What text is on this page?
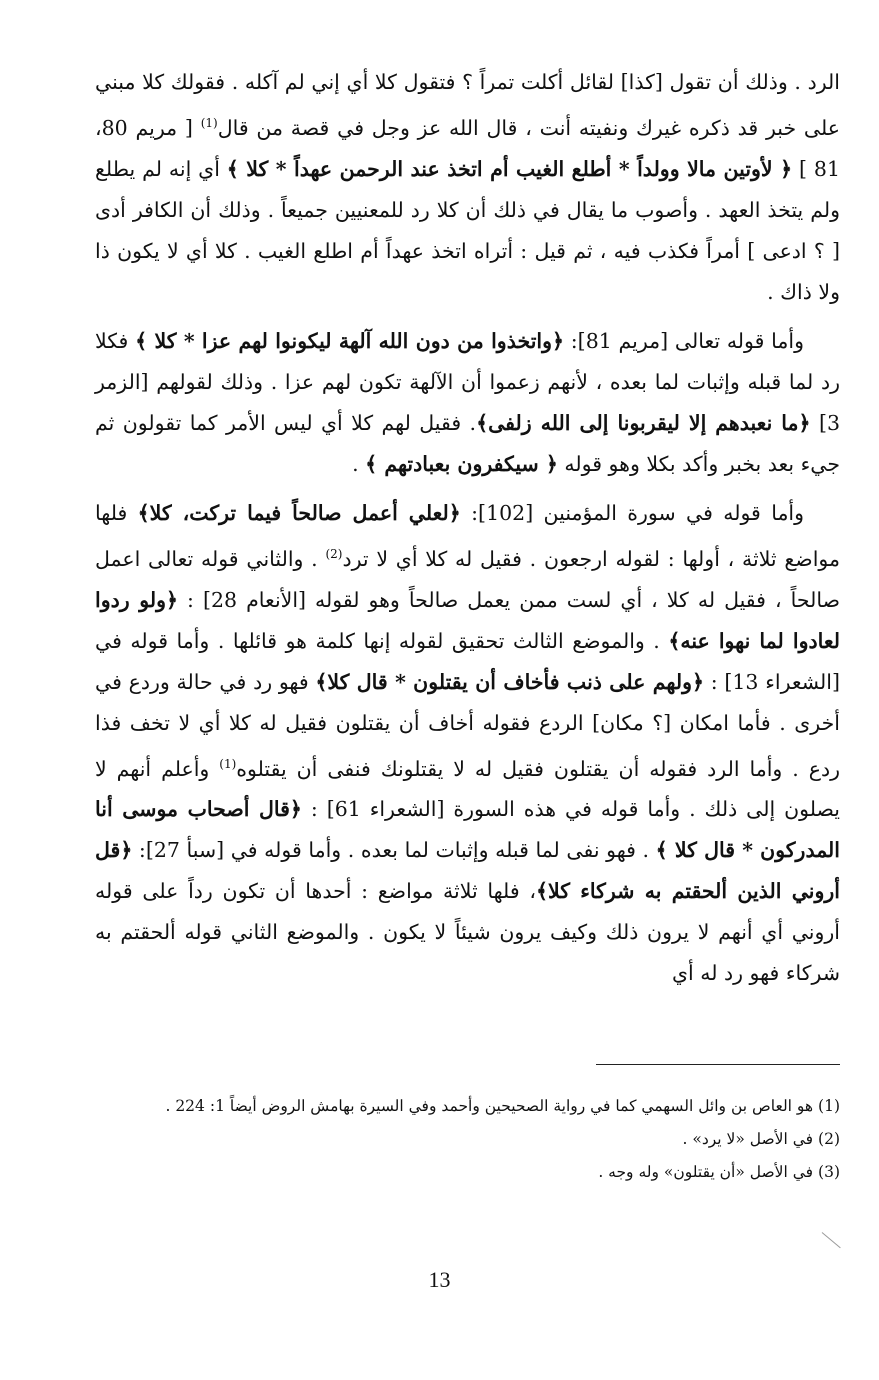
الرد . وذلك أن تقول [كذا] لقائل أكلت تمراً ؟ فتقول كلا أي إني لم آكله . فقولك كلا مبني على خبر قد ذكره غيرك ونفيته أنت ، قال الله عز وجل في قصة من قال$^{(1)}$ [ مريم 80، 81 ] ﴿ لأوتين مالا وولداً * أطلع الغيب أم اتخذ عند الرحمن عهداً * كلا ﴾ أي إنه لم يطلع ولم يتخذ العهد . وأصوب ما يقال في ذلك أن كلا رد للمعنيين جميعاً . وذلك أن الكافر أدى [ ؟ ادعى ] أمراً فكذب فيه ، ثم قيل : أتراه اتخذ عهداً أم اطلع الغيب . كلا أي لا يكون ذا ولا ذاك .

وأما قوله تعالى [مريم 81]: ﴿واتخذوا من دون الله آلهة ليكونوا لهم عزا * كلا ﴾ فكلا رد لما قبله وإثبات لما بعده ، لأنهم زعموا أن الآلهة تكون لهم عزا . وذلك لقولهم [الزمر 3] ﴿ما نعبدهم إلا ليقربونا إلى الله زلفى﴾. فقيل لهم كلا أي ليس الأمر كما تقولون ثم جيء بعد بخبر وأكد بكلا وهو قوله ﴿ سيكفرون بعبادتهم ﴾ .

وأما قوله في سورة المؤمنين [102]: ﴿لعلي أعمل صالحاً فيما تركت، كلا﴾ فلها مواضع ثلاثة ، أولها : لقوله ارجعون . فقيل له كلا أي لا ترد$^{(2)}$ . والثاني قوله تعالى اعمل صالحاً ، فقيل له كلا ، أي لست ممن يعمل صالحاً وهو لقوله [الأنعام 28] : ﴿ولو ردوا لعادوا لما نهوا عنه﴾ . والموضع الثالث تحقيق لقوله إنها كلمة هو قائلها . وأما قوله في [الشعراء 13] : ﴿ولهم على ذنب فأخاف أن يقتلون * قال كلا﴾ فهو رد في حالة وردع في أخرى . فأما امكان [؟ مكان] الردع فقوله أخاف أن يقتلون فقيل له كلا أي لا تخف فذا ردع . وأما الرد فقوله أن يقتلون فقيل له لا يقتلونك فنفى أن يقتلوه$^{(1)}$ وأعلم أنهم لا يصلون إلى ذلك . وأما قوله في هذه السورة [الشعراء 61] : ﴿قال أصحاب موسى أنا المدركون * قال كلا ﴾ . فهو نفى لما قبله وإثبات لما بعده . وأما قوله في [سبأ 27]: ﴿قل أروني الذين ألحقتم به شركاء كلا﴾، فلها ثلاثة مواضع : أحدها أن تكون رداً على قوله أروني أي أنهم لا يرون ذلك وكيف يرون شيئاً لا يكون . والموضع الثاني قوله ألحقتم به شركاء فهو رد له أي

(1) هو العاص بن وائل السهمي كما في رواية الصحيحين وأحمد وفي السيرة بهامش الروض أيضاً 1: 224 .

(2) في الأصل «لا يرد» .

(3) في الأصل «أن يقتلون» وله وجه .

13
